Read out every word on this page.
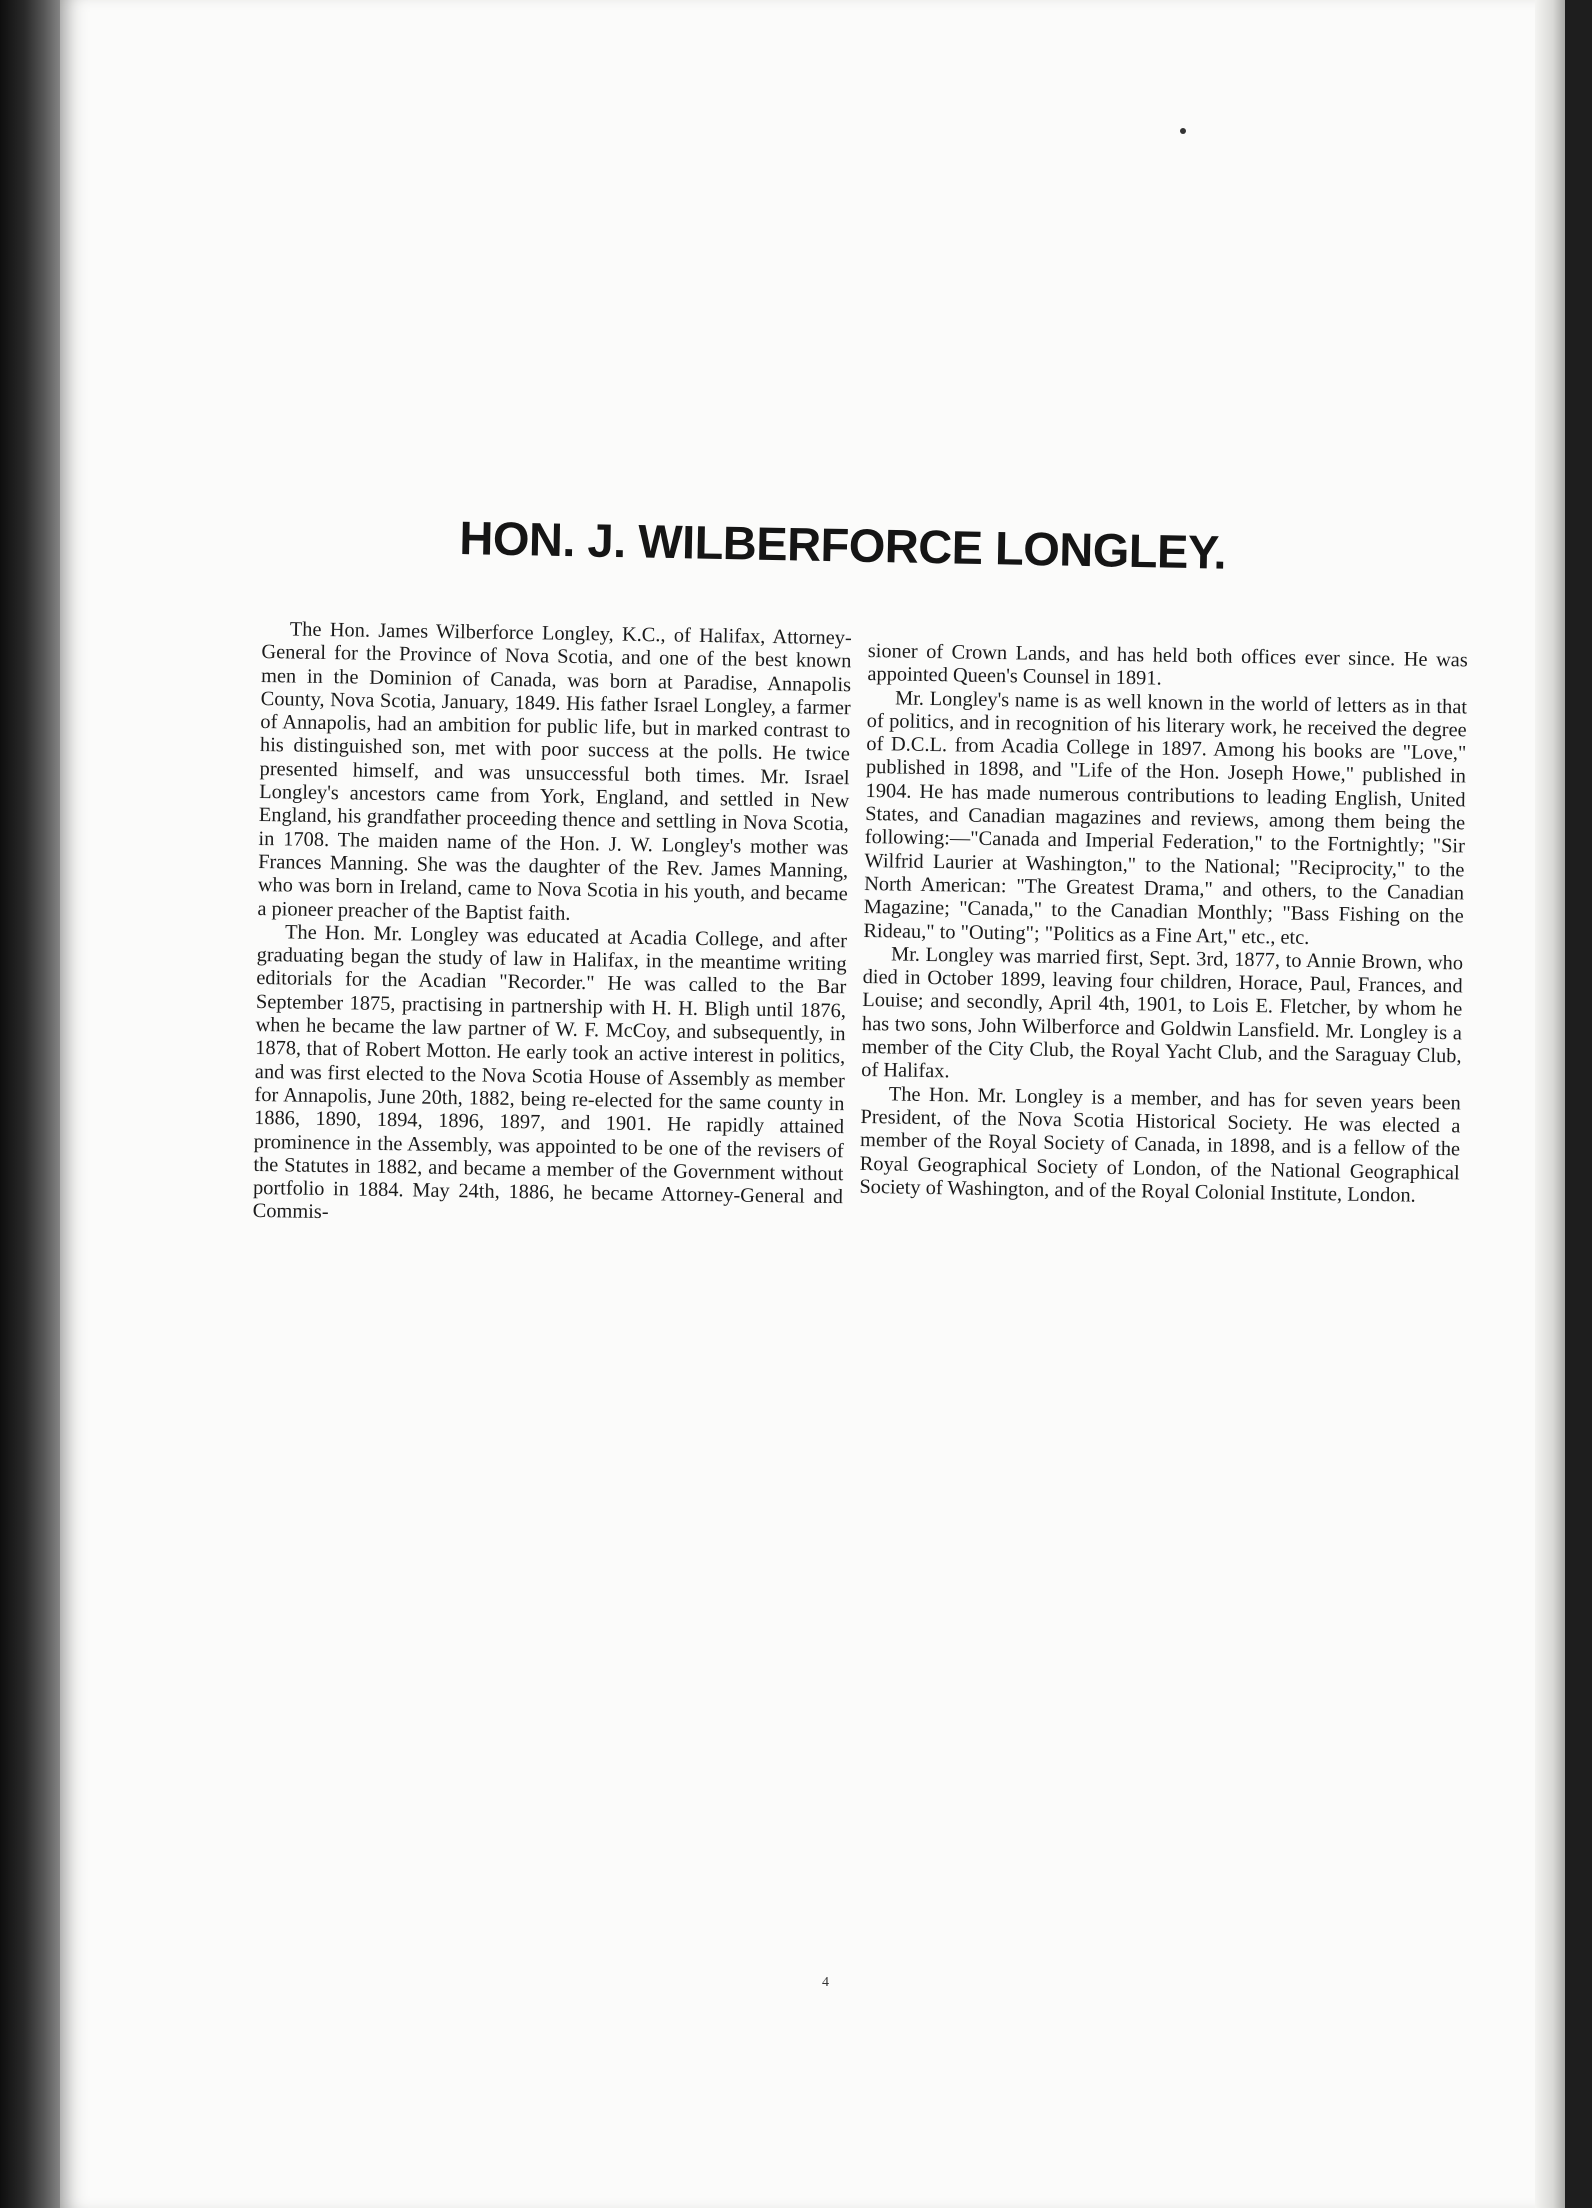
HON. J. WILBERFORCE LONGLEY.

The Hon. James Wilberforce Longley, K.C., of Halifax, Attorney-General for the Province of Nova Scotia, and one of the best known men in the Dominion of Canada, was born at Paradise, Annapolis County, Nova Scotia, January, 1849. His father Israel Longley, a farmer of Annapolis, had an ambition for public life, but in marked contrast to his distinguished son, met with poor success at the polls. He twice presented himself, and was unsuccessful both times. Mr. Israel Longley's ancestors came from York, England, and settled in New England, his grandfather proceeding thence and settling in Nova Scotia, in 1708. The maiden name of the Hon. J. W. Longley's mother was Frances Manning. She was the daughter of the Rev. James Manning, who was born in Ireland, came to Nova Scotia in his youth, and became a pioneer preacher of the Baptist faith.

The Hon. Mr. Longley was educated at Acadia College, and after graduating began the study of law in Halifax, in the meantime writing editorials for the Acadian "Recorder." He was called to the Bar September 1875, practising in partnership with H. H. Bligh until 1876, when he became the law partner of W. F. McCoy, and subsequently, in 1878, that of Robert Motton. He early took an active interest in politics, and was first elected to the Nova Scotia House of Assembly as member for Annapolis, June 20th, 1882, being re-elected for the same county in 1886, 1890, 1894, 1896, 1897, and 1901. He rapidly attained prominence in the Assembly, was appointed to be one of the revisers of the Statutes in 1882, and became a member of the Government without portfolio in 1884. May 24th, 1886, he became Attorney-General and Commis-

sioner of Crown Lands, and has held both offices ever since. He was appointed Queen's Counsel in 1891.

Mr. Longley's name is as well known in the world of letters as in that of politics, and in recognition of his literary work, he received the degree of D.C.L. from Acadia College in 1897. Among his books are "Love," published in 1898, and "Life of the Hon. Joseph Howe," published in 1904. He has made numerous contributions to leading English, United States, and Canadian magazines and reviews, among them being the following:—"Canada and Imperial Federation," to the Fortnightly; "Sir Wilfrid Laurier at Washington," to the National; "Reciprocity," to the North American: "The Greatest Drama," and others, to the Canadian Magazine; "Canada," to the Canadian Monthly; "Bass Fishing on the Rideau," to "Outing"; "Politics as a Fine Art," etc., etc.

Mr. Longley was married first, Sept. 3rd, 1877, to Annie Brown, who died in October 1899, leaving four children, Horace, Paul, Frances, and Louise; and secondly, April 4th, 1901, to Lois E. Fletcher, by whom he has two sons, John Wilberforce and Goldwin Lansfield. Mr. Longley is a member of the City Club, the Royal Yacht Club, and the Saraguay Club, of Halifax.

The Hon. Mr. Longley is a member, and has for seven years been President, of the Nova Scotia Historical Society. He was elected a member of the Royal Society of Canada, in 1898, and is a fellow of the Royal Geographical Society of London, of the National Geographical Society of Washington, and of the Royal Colonial Institute, London.

4
